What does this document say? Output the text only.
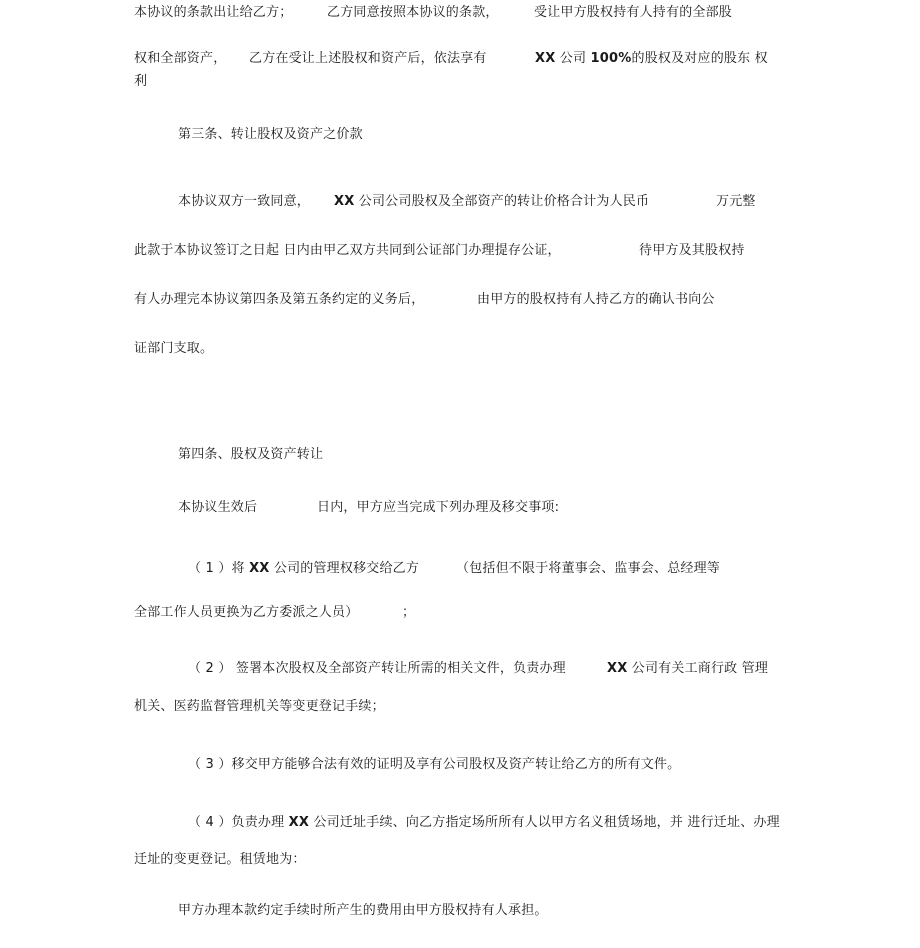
本协议的条款出让给乙方；	乙方同意按照本协议的条款，	受让甲方股权持有人持有的全部股
权和全部资产， 乙方在受让上述股权和资产后，依法享有	XX 公司 100%的股权及对应的股东 权
利
第三条、转让股权及资产之价款
本协议双方一致同意， XX 公司公司股权及全部资产的转让价格合计为人民币	万元整
此款于本协议签订之日起 日内由甲乙双方共同到公证部门办理提存公证，	待甲方及其股权持
有人办理完本协议第四条及第五条约定的义务后，	由甲方的股权持有人持乙方的确认书向公
证部门支取。
第四条、股权及资产转让
本协议生效后	日内，甲方应当完成下列办理及移交事项:
（ 1 ）将 XX 公司的管理权移交给乙方	（包括但不限于将董事会、监事会、总经理等
全部工作人员更换为乙方委派之人员）	；
（ 2 ） 签署本次股权及全部资产转让所需的相关文件，负责办理	XX 公司有关工商行政 管理
机关、医药监督管理机关等变更登记手续；
（ 3 ）移交甲方能够合法有效的证明及享有公司股权及资产转让给乙方的所有文件。
（ 4 ）负责办理 XX 公司迁址手续、向乙方指定场所所有人以甲方名义租赁场地，并 进行迁址、办理
迁址的变更登记。租赁地为：
甲方办理本款约定手续时所产生的费用由甲方股权持有人承担。
